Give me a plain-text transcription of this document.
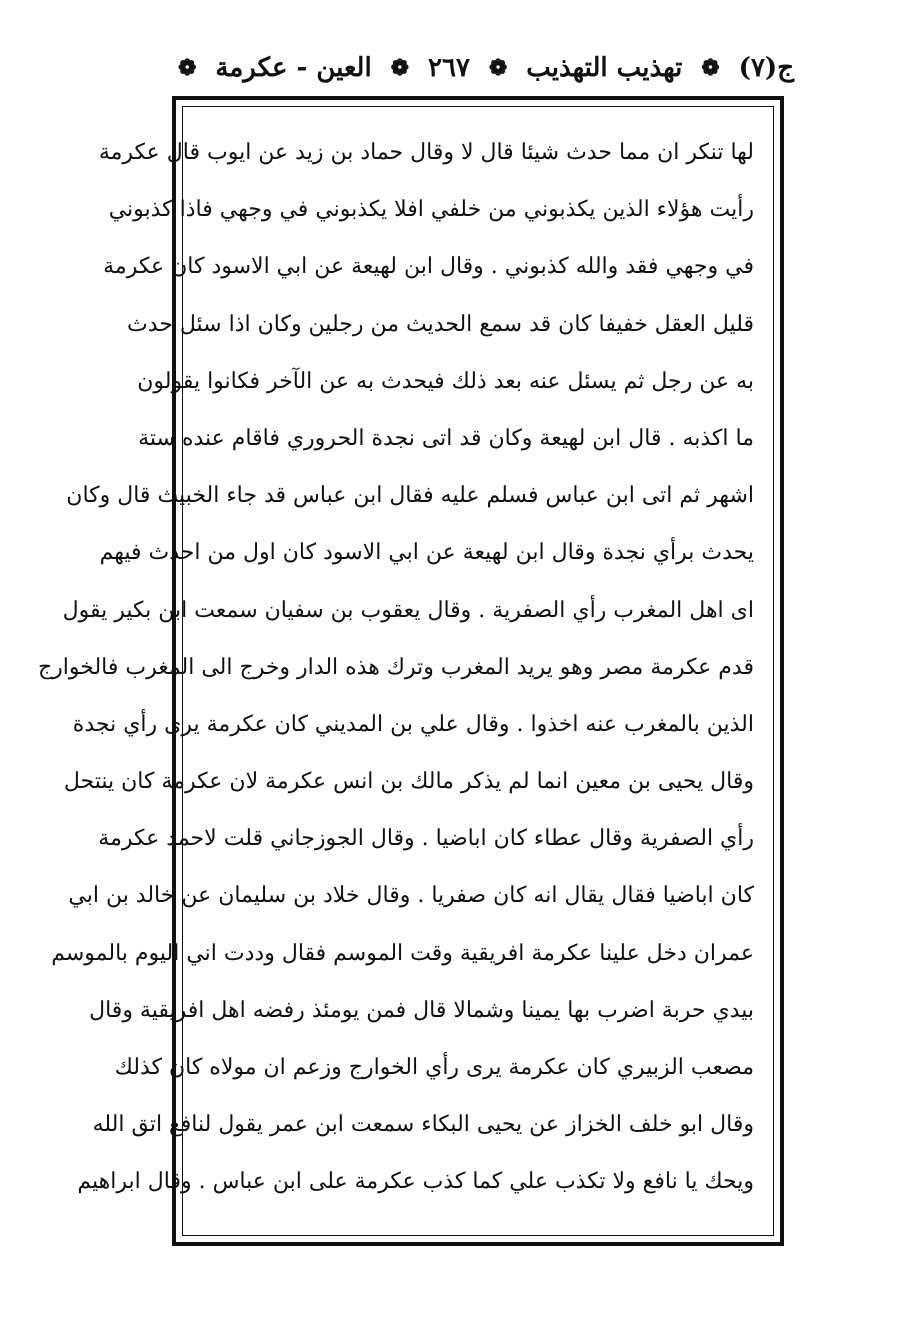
ج(٧)
❁
تهذيب التهذيب
❁
٢٦٧
❁
العين - عكرمة
❁
لها تنكر ان مما حدث شيئا قال لا وقال حماد بن زيد عن ايوب قال عكرمة
رأيت هؤلاء الذين يكذبوني من خلفي افلا يكذبوني في وجهي فاذا كذبوني
في وجهي فقد والله كذبوني . وقال ابن لهيعة عن ابي الاسود كان عكرمة
قليل العقل خفيفا كان قد سمع الحديث من رجلين وكان اذا سئل حدث
به عن رجل ثم يسئل عنه بعد ذلك فيحدث به عن الآخر فكانوا يقولون
ما اكذبه . قال ابن لهيعة وكان قد اتى نجدة الحروري فاقام عنده ستة
اشهر ثم اتى ابن عباس فسلم عليه فقال ابن عباس قد جاء الخبيث قال وكان
يحدث برأي نجدة وقال ابن لهيعة عن ابي الاسود كان اول من احدث فيهم
اى اهل المغرب رأي الصفرية . وقال يعقوب بن سفيان سمعت ابن بكير يقول
قدم عكرمة مصر وهو يريد المغرب وترك هذه الدار وخرج الى المغرب فالخوارج
الذين بالمغرب عنه اخذوا . وقال علي بن المديني كان عكرمة يرى رأي نجدة
وقال يحيى بن معين انما لم يذكر مالك بن انس عكرمة لان عكرمة كان ينتحل
رأي الصفرية وقال عطاء كان اباضيا . وقال الجوزجاني قلت لاحمد عكرمة
كان اباضيا فقال يقال انه كان صفريا . وقال خلاد بن سليمان عن خالد بن ابي
عمران دخل علينا عكرمة افريقية وقت الموسم فقال وددت اني اليوم بالموسم
بيدي حربة اضرب بها يمينا وشمالا قال فمن يومئذ رفضه اهل افريقية وقال
مصعب الزبيري كان عكرمة يرى رأي الخوارج وزعم ان مولاه كان كذلك
وقال ابو خلف الخزاز عن يحيى البكاء سمعت ابن عمر يقول لنافع اتق الله
ويحك يا نافع ولا تكذب علي كما كذب عكرمة على ابن عباس . وقال ابراهيم
